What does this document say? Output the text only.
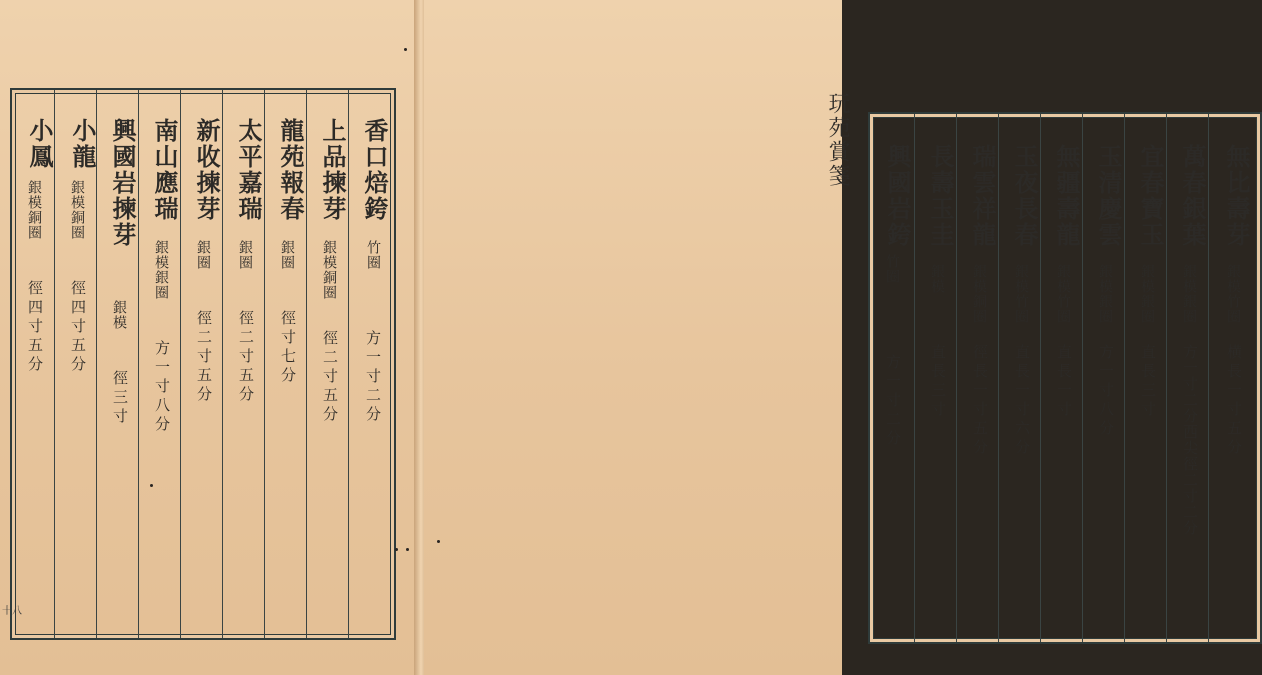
小鳳
銀模銅圈
徑四寸五分
小龍
銀模銅圈
徑四寸五分
興國岩揀芽
銀模
徑三寸
南山應瑞
銀模銀圈
方一寸八分
新收揀芽
銀圈
徑二寸五分
太平嘉瑞
銀圈
徑二寸五分
龍苑報春
銀圈
徑寸七分
上品揀芽
銀模銅圈
徑二寸五分
香口焙銙
竹圈
方一寸二分
十八
玩苑賞箋
興國岩銙
竹圈
方一寸二分
長壽玉圭
銀模
直長三寸
瑞雲祥龍
銀模銅圈
徑長一寸五分
玉夜長春
銀模竹圈
直長一寸六分
無疆壽龍
銀模竹圈
直長一寸
玉清慶雲
銀模銀圈
方一寸八分
宜春寶玉
銀模銀圈
直長三寸
萬春銀葉
銀模銀圈
方一寸二分西尖徑二寸二分
無比壽芽
銀模竹圈
横長一寸五分
